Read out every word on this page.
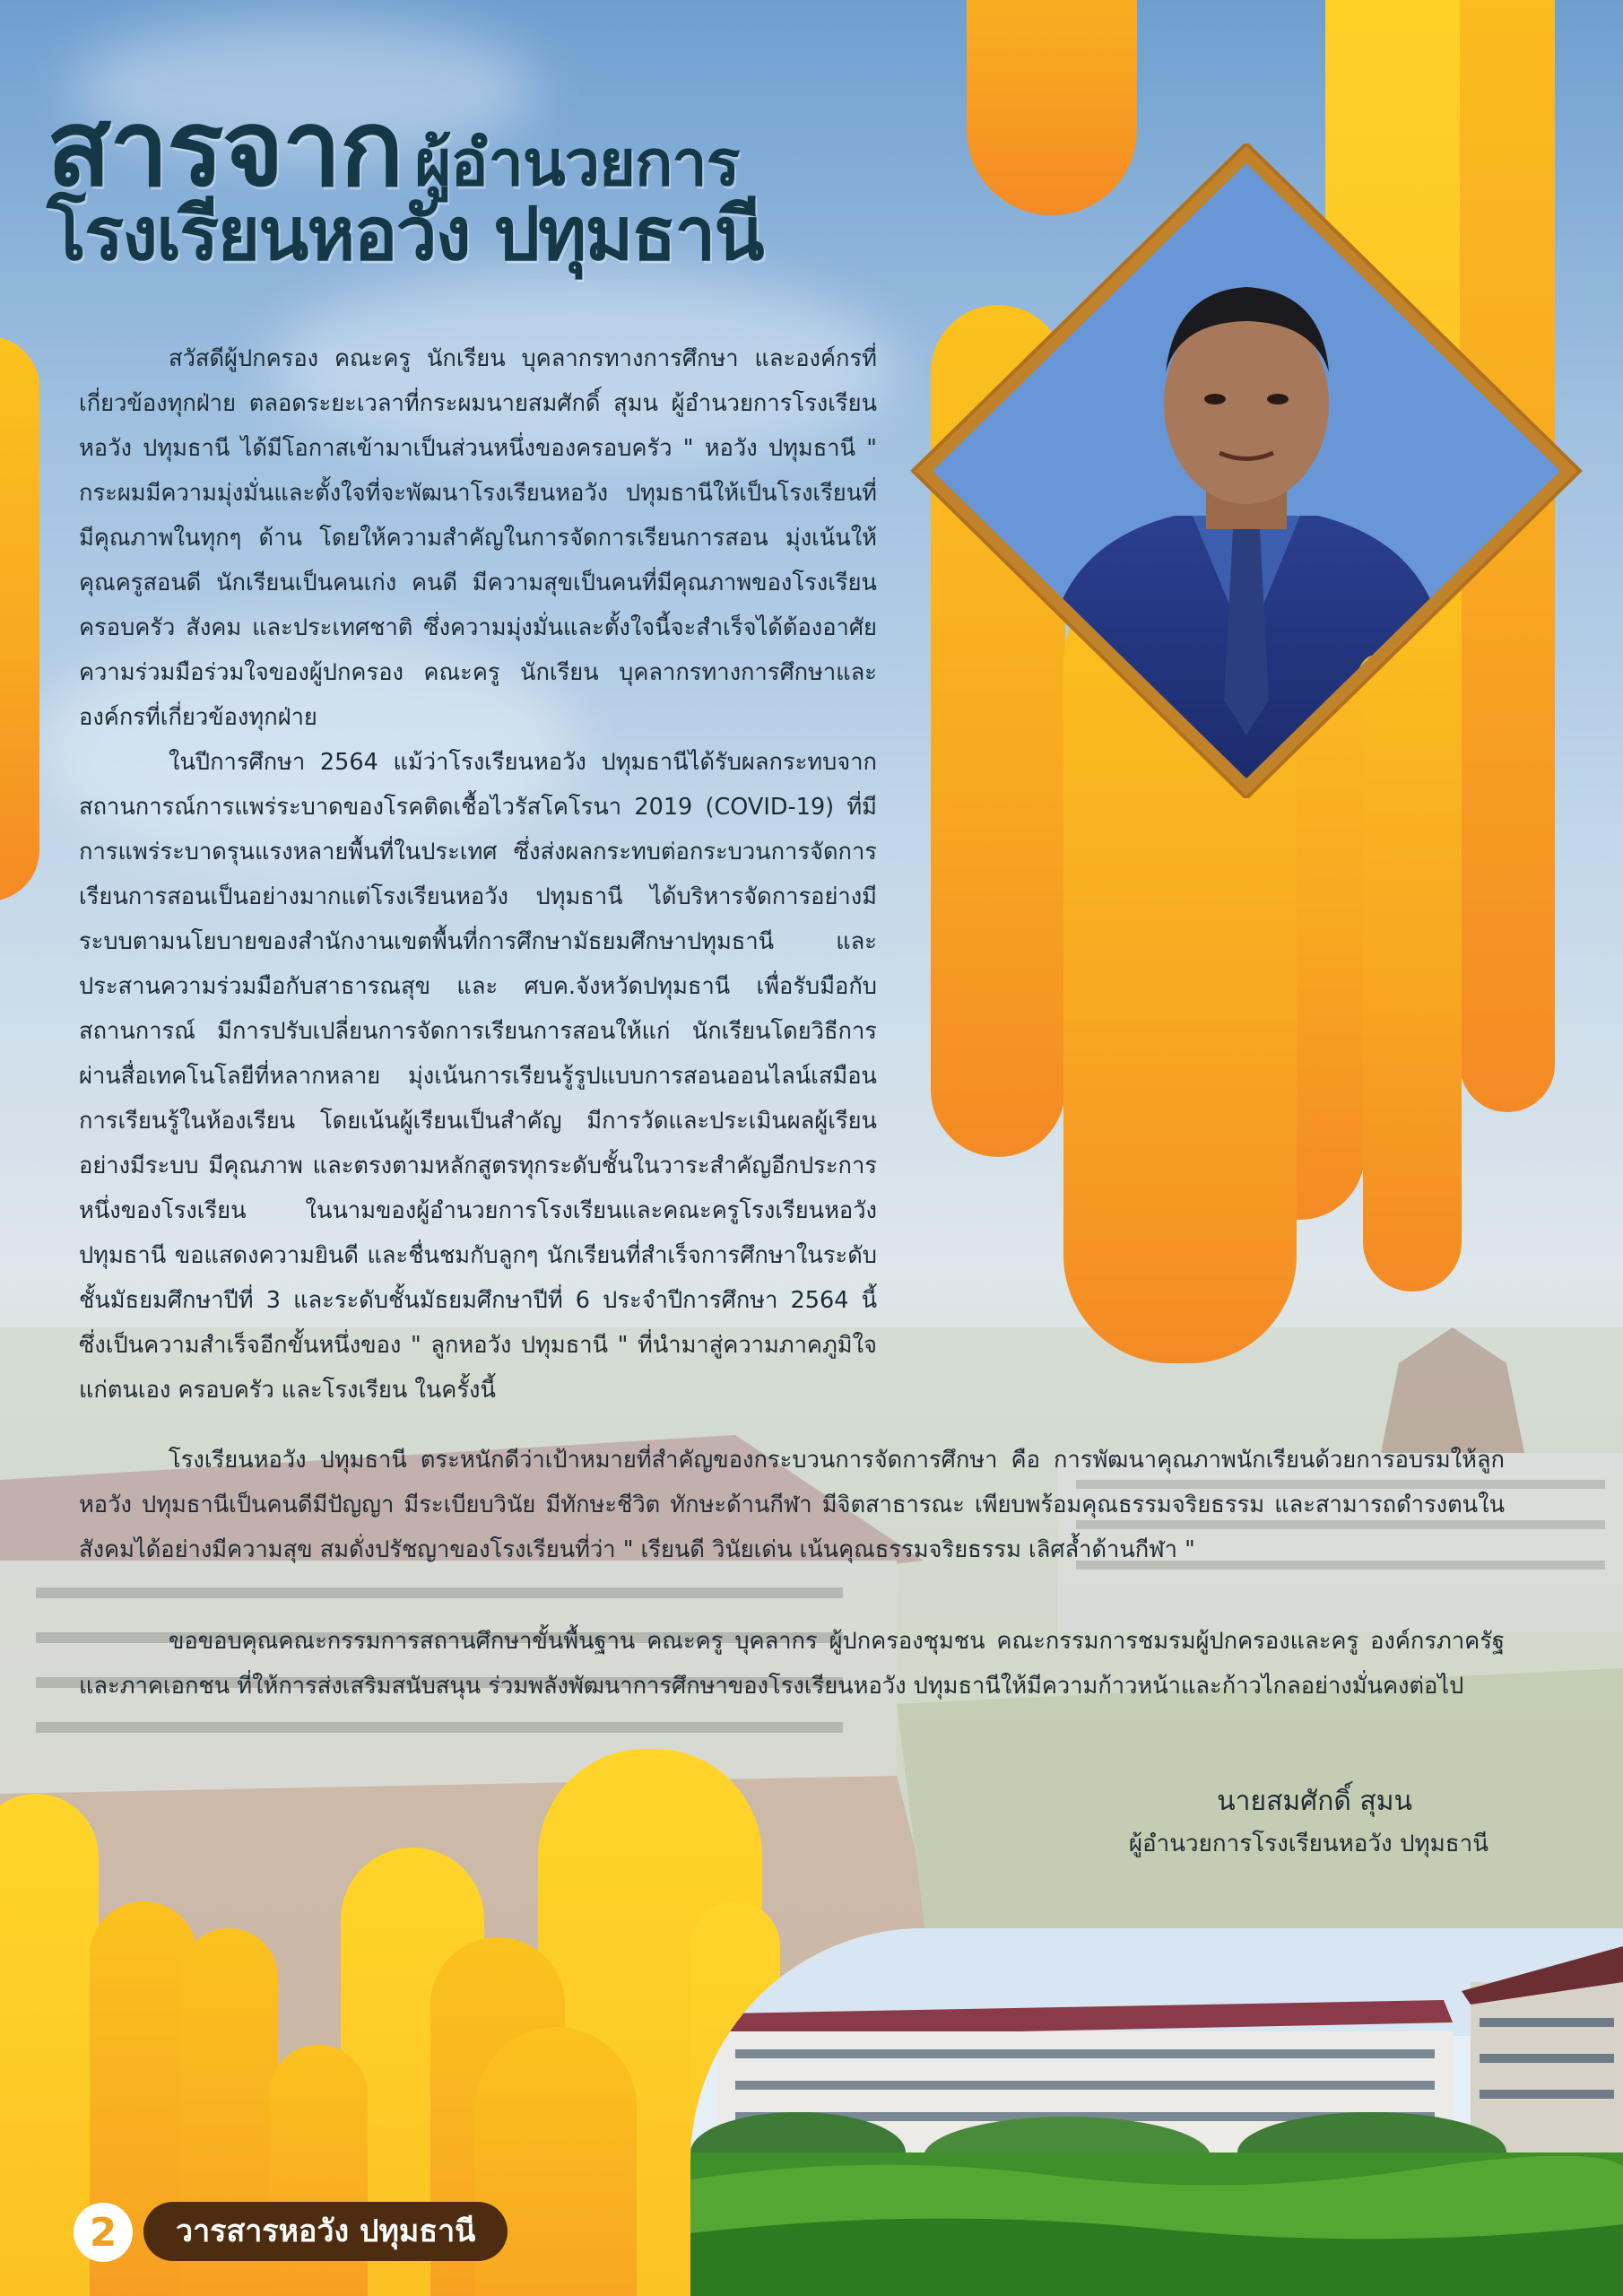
สารจาก ผู้อำนวยการ
โรงเรียนหอวัง ปทุมธานี

สวัสดีผู้ปกครอง คณะครู นักเรียน บุคลากรทางการศึกษา และองค์กรที่เกี่ยวข้องทุกฝ่าย ตลอดระยะเวลาที่กระผมนายสมศักดิ์ สุมน ผู้อำนวยการโรงเรียนหอวัง ปทุมธานี ได้มีโอกาสเข้ามาเป็นส่วนหนึ่งของครอบครัว " หอวัง ปทุมธานี " กระผมมีความมุ่งมั่นและตั้งใจที่จะพัฒนาโรงเรียนหอวัง ปทุมธานีให้เป็นโรงเรียนที่มีคุณภาพในทุกๆ ด้าน โดยให้ความสำคัญในการจัดการเรียนการสอน มุ่งเน้นให้คุณครูสอนดี นักเรียนเป็นคนเก่ง คนดี มีความสุขเป็นคนที่มีคุณภาพของโรงเรียน ครอบครัว สังคม และประเทศชาติ ซึ่งความมุ่งมั่นและตั้งใจนี้จะสำเร็จได้ต้องอาศัยความร่วมมือร่วมใจของผู้ปกครอง คณะครู นักเรียน บุคลากรทางการศึกษาและองค์กรที่เกี่ยวข้องทุกฝ่าย

ในปีการศึกษา 2564 แม้ว่าโรงเรียนหอวัง ปทุมธานีได้รับผลกระทบจากสถานการณ์การแพร่ระบาดของโรคติดเชื้อไวรัสโคโรนา 2019 (COVID-19) ที่มีการแพร่ระบาดรุนแรงหลายพื้นที่ในประเทศ ซึ่งส่งผลกระทบต่อกระบวนการจัดการเรียนการสอนเป็นอย่างมากแต่โรงเรียนหอวัง ปทุมธานี ได้บริหารจัดการอย่างมีระบบตามนโยบายของสำนักงานเขตพื้นที่การศึกษามัธยมศึกษาปทุมธานี และประสานความร่วมมือกับสาธารณสุข และ ศบค.จังหวัดปทุมธานี เพื่อรับมือกับสถานการณ์ มีการปรับเปลี่ยนการจัดการเรียนการสอนให้แก่ นักเรียนโดยวิธีการผ่านสื่อเทคโนโลยีที่หลากหลาย มุ่งเน้นการเรียนรู้รูปแบบการสอนออนไลน์เสมือนการเรียนรู้ในห้องเรียน โดยเน้นผู้เรียนเป็นสำคัญ มีการวัดและประเมินผลผู้เรียนอย่างมีระบบ มีคุณภาพ และตรงตามหลักสูตรทุกระดับชั้นในวาระสำคัญอีกประการหนึ่งของโรงเรียน ในนามของผู้อำนวยการโรงเรียนและคณะครูโรงเรียนหอวัง ปทุมธานี ขอแสดงความยินดี และชื่นชมกับลูกๆ นักเรียนที่สำเร็จการศึกษาในระดับชั้นมัธยมศึกษาปีที่ 3 และระดับชั้นมัธยมศึกษาปีที่ 6 ประจำปีการศึกษา 2564 นี้ ซึ่งเป็นความสำเร็จอีกขั้นหนึ่งของ " ลูกหอวัง ปทุมธานี " ที่นำมาสู่ความภาคภูมิใจแก่ตนเอง ครอบครัว และโรงเรียน ในครั้งนี้

โรงเรียนหอวัง ปทุมธานี ตระหนักดีว่าเป้าหมายที่สำคัญของกระบวนการจัดการศึกษา คือ การพัฒนาคุณภาพนักเรียนด้วยการอบรมให้ลูกหอวัง ปทุมธานีเป็นคนดีมีปัญญา มีระเบียบวินัย มีทักษะชีวิต ทักษะด้านกีฬา มีจิตสาธารณะ เพียบพร้อมคุณธรรมจริยธรรม และสามารถดำรงตนในสังคมได้อย่างมีความสุข สมดั่งปรัชญาของโรงเรียนที่ว่า " เรียนดี วินัยเด่น เน้นคุณธรรมจริยธรรม เลิศล้ำด้านกีฬา "

ขอขอบคุณคณะกรรมการสถานศึกษาขั้นพื้นฐาน คณะครู บุคลากร ผู้ปกครองชุมชน คณะกรรมการชมรมผู้ปกครองและครู องค์กรภาครัฐและภาคเอกชน ที่ให้การส่งเสริมสนับสนุน ร่วมพลังพัฒนาการศึกษาของโรงเรียนหอวัง ปทุมธานีให้มีความก้าวหน้าและก้าวไกลอย่างมั่นคงต่อไป

นายสมศักดิ์ สุมน
ผู้อำนวยการโรงเรียนหอวัง ปทุมธานี
2	วารสารหอวัง ปทุมธานี
